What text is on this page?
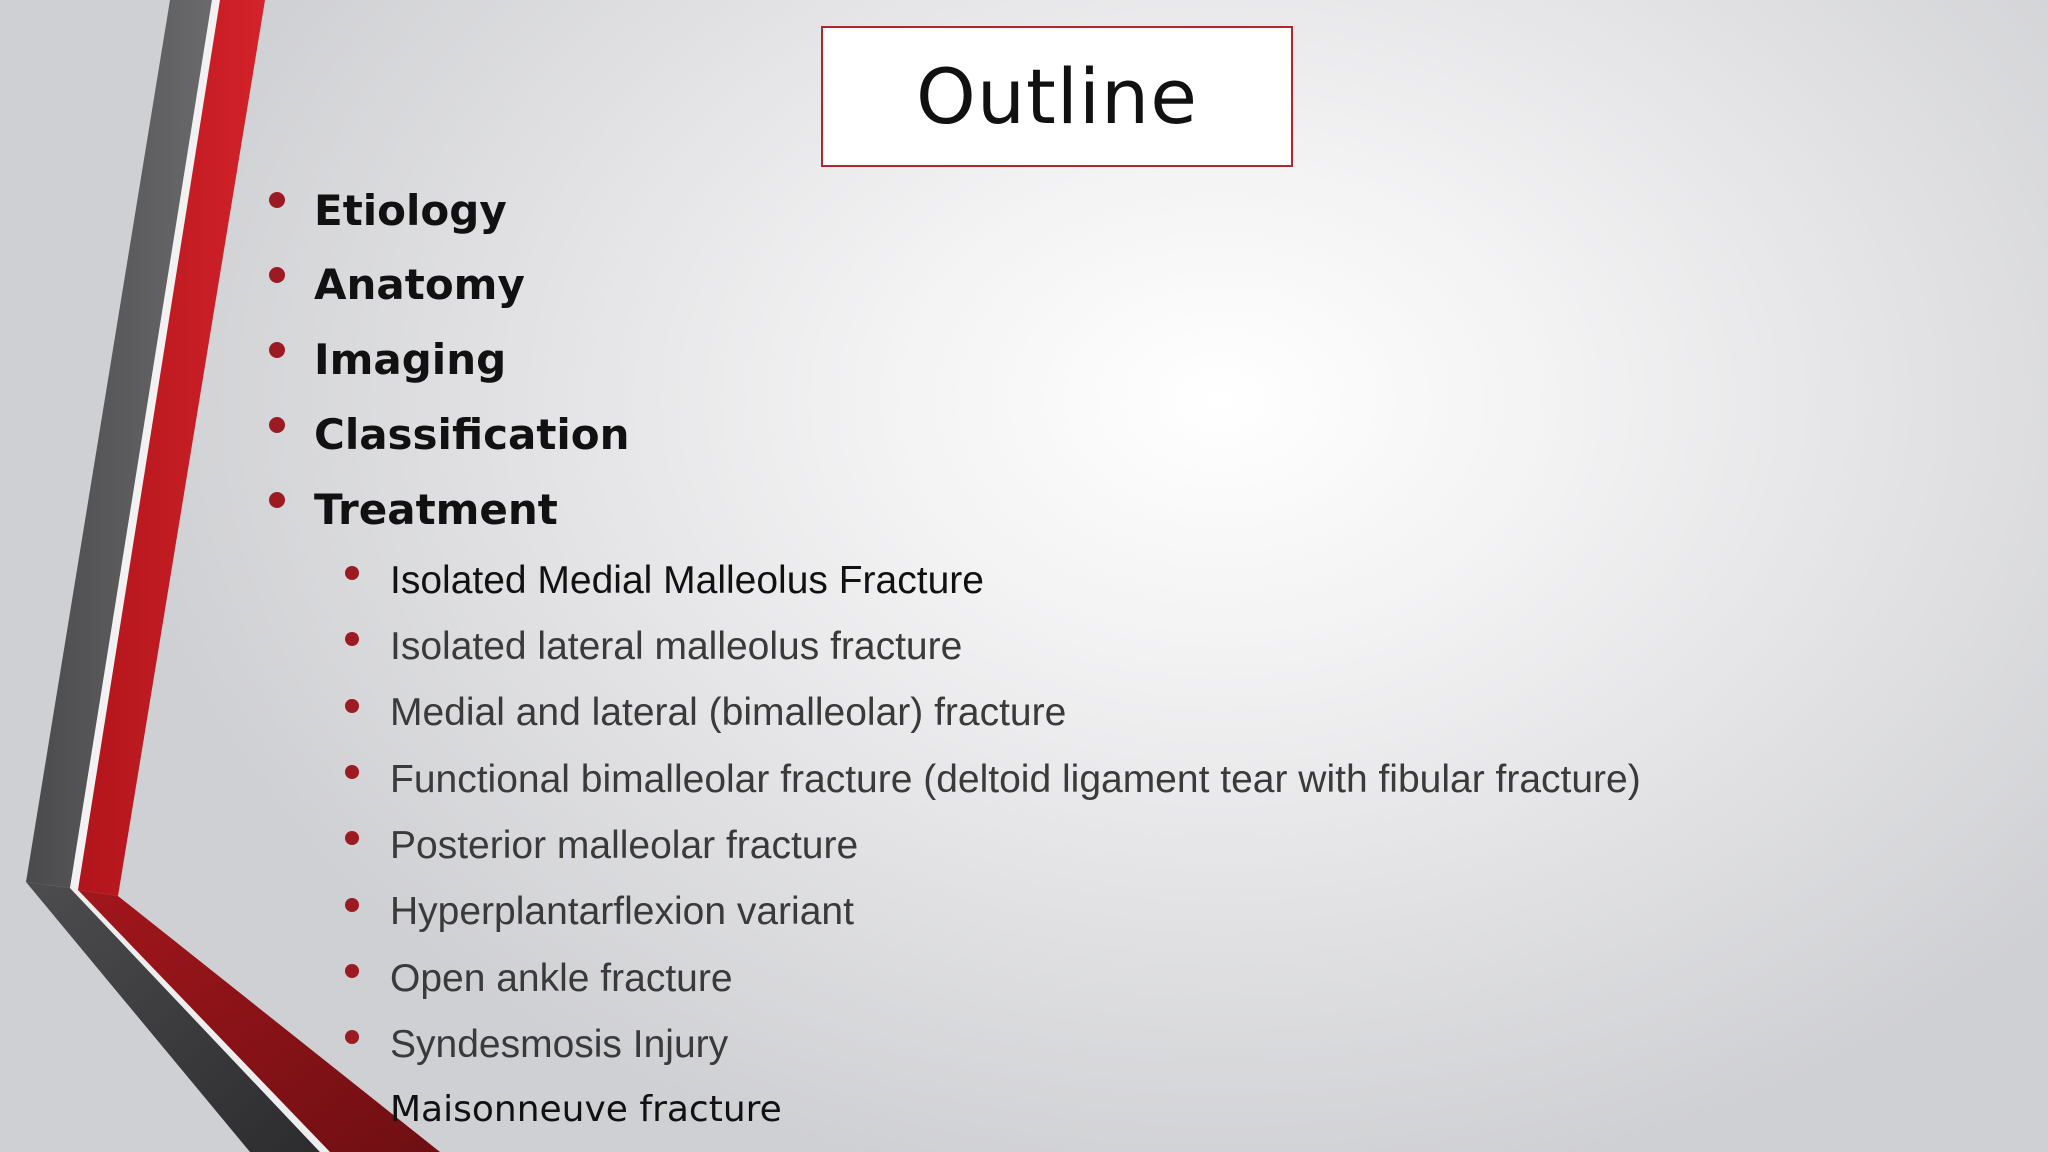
Outline
Etiology
Anatomy
Imaging
Classification
Treatment
Isolated Medial Malleolus Fracture
Isolated lateral malleolus fracture
Medial and lateral (bimalleolar) fracture
Functional bimalleolar fracture (deltoid ligament tear with fibular fracture)
Posterior malleolar fracture
Hyperplantarflexion variant
Open ankle fracture
Syndesmosis Injury
Maisonneuve fracture
